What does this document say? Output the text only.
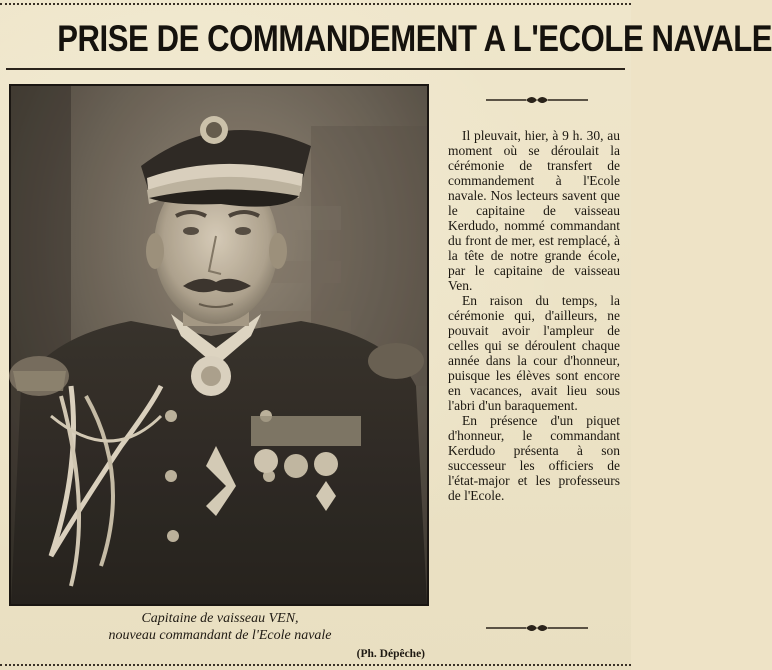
PRISE DE COMMANDEMENT A L'ECOLE NAVALE
Capitaine de vaisseau VEN,
nouveau commandant de l'Ecole navale
(Ph. Dépêche)

Il pleuvait, hier, à 9 h. 30, au moment où se déroulait la cérémonie de transfert de commandement à l'Ecole navale. Nos lecteurs savent que le capitaine de vaisseau Kerdudo, nommé commandant du front de mer, est remplacé, à la tête de notre grande école, par le capitaine de vaisseau Ven.

En raison du temps, la cérémonie qui, d'ailleurs, ne pouvait avoir l'ampleur de celles qui se déroulent chaque année dans la cour d'honneur, puisque les élèves sont encore en vacances, avait lieu sous l'abri d'un baraquement.

En présence d'un piquet d'honneur, le commandant Kerdudo présenta à son successeur les officiers de l'état-major et les professeurs de l'Ecole.
